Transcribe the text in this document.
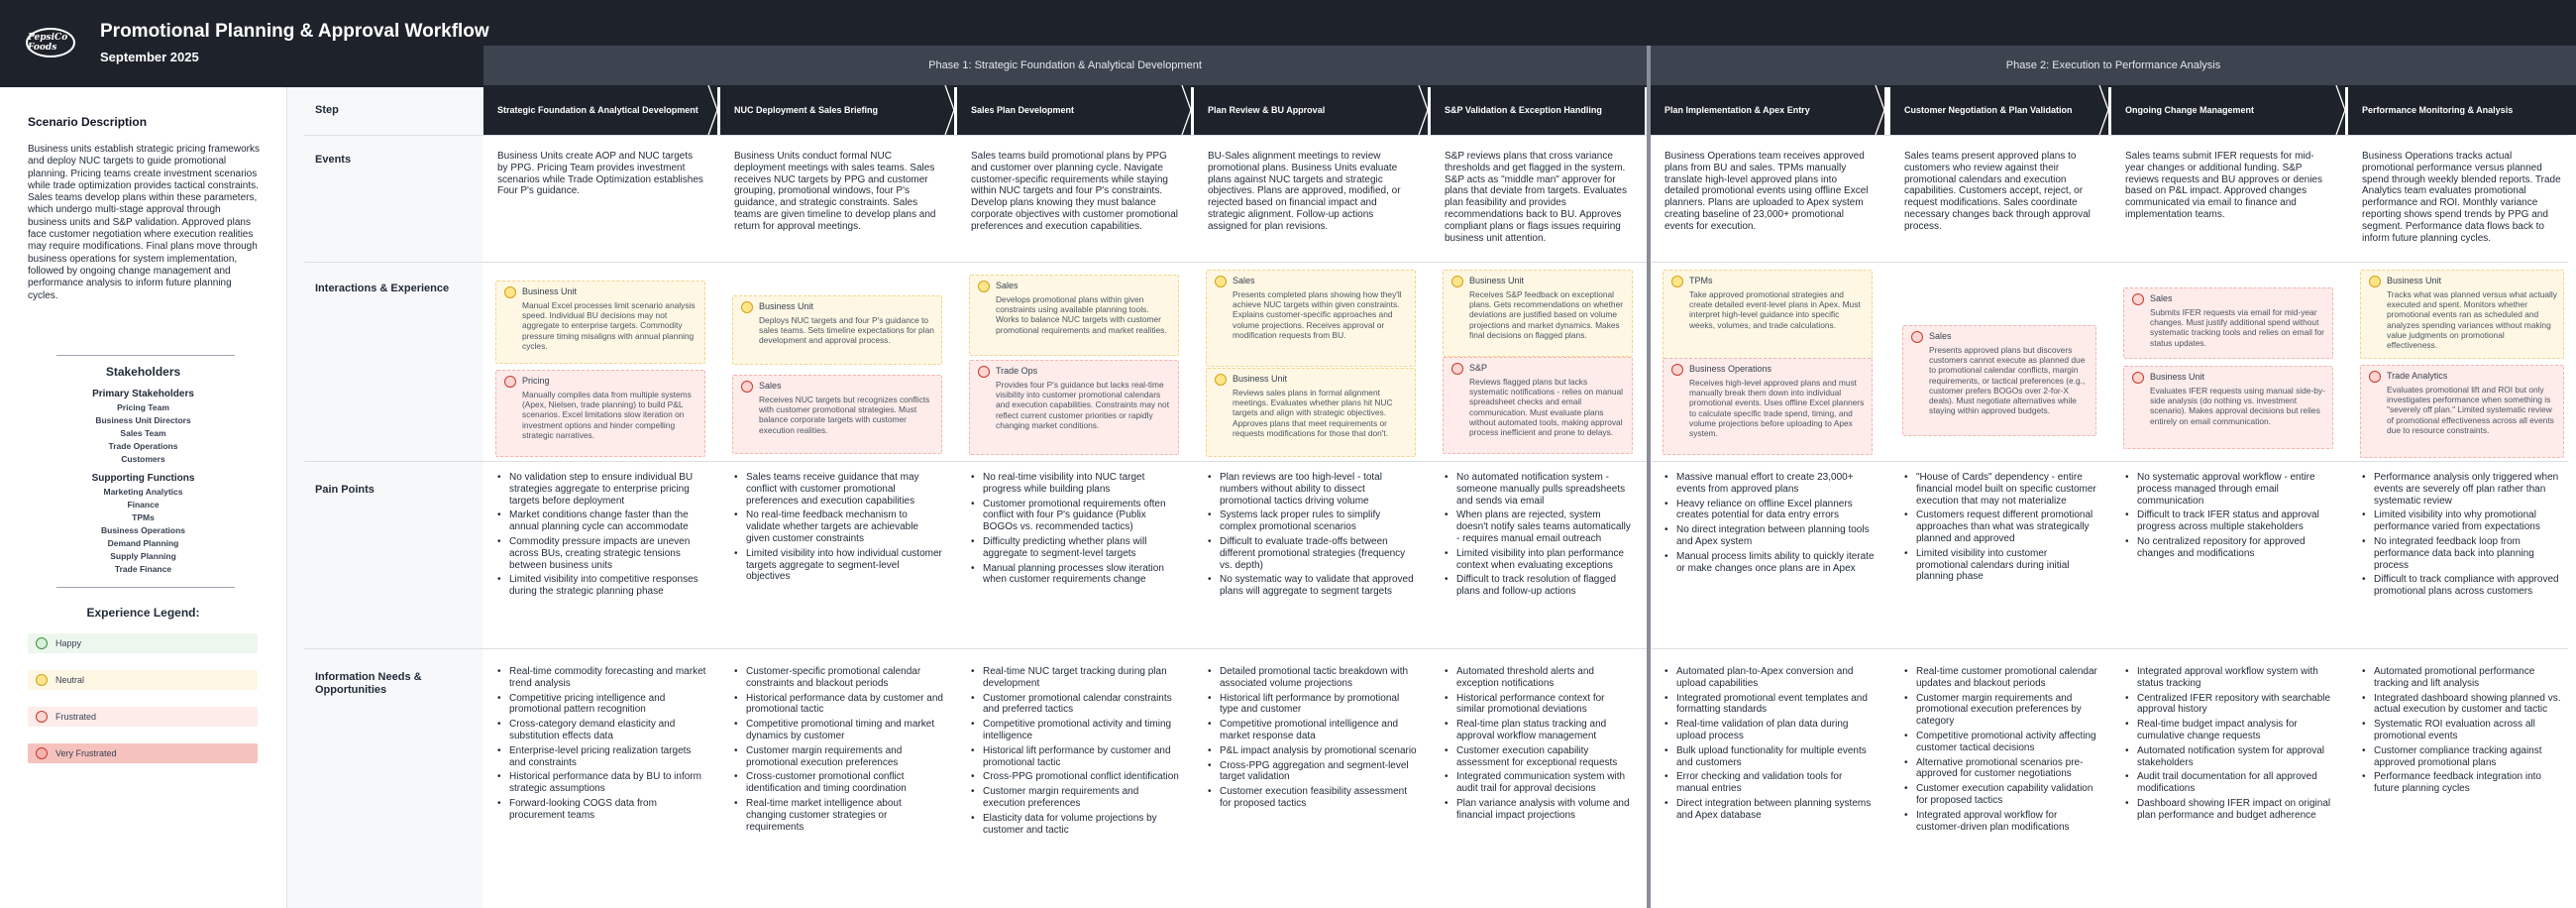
PepsiCo Foods
Promotional Planning & Approval Workflow
September 2025
Phase 1: Strategic Foundation & Analytical Development	Phase 2: Execution to Performance Analysis
Scenario Description
Business units establish strategic pricing frameworks and deploy NUC targets to guide promotional planning. Pricing teams create investment scenarios while trade optimization provides tactical constraints. Sales teams develop plans within these parameters, which undergo multi-stage approval through business units and S&P validation. Approved plans face customer negotiation where execution realities may require modifications. Final plans move through business operations for system implementation, followed by ongoing change management and performance analysis to inform future planning cycles.
Stakeholders
Primary Stakeholders
Pricing Team
Business Unit Directors
Sales Team
Trade Operations
Customers
Supporting Functions
Marketing Analytics
Finance
TPMs
Business Operations
Demand Planning
Supply Planning
Trade Finance
Experience Legend:
Happy
Neutral
Frustrated
Very Frustrated
Step
Events
Interactions & Experience
Pain Points
Information Needs & Opportunities
Strategic Foundation & Analytical Development
Business Units create AOP and NUC targets by PPG. Pricing Team provides investment scenarios while Trade Optimization establishes Four P's guidance.
Business Unit
Manual Excel processes limit scenario analysis speed. Individual BU decisions may not aggregate to enterprise targets. Commodity pressure timing misaligns with annual planning cycles.
Pricing
Manually compiles data from multiple systems (Apex, Nielsen, trade planning) to build P&L scenarios. Excel limitations slow iteration on investment options and hinder compelling strategic narratives.
• No validation step to ensure individual BU strategies aggregate to enterprise pricing targets before deployment
• Market conditions change faster than the annual planning cycle can accommodate
• Commodity pressure impacts are uneven across BUs, creating strategic tensions between business units
• Limited visibility into competitive responses during the strategic planning phase
• Real-time commodity forecasting and market trend analysis
• Competitive pricing intelligence and promotional pattern recognition
• Cross-category demand elasticity and substitution effects data
• Enterprise-level pricing realization targets and constraints
• Historical performance data by BU to inform strategic assumptions
• Forward-looking COGS data from procurement teams
NUC Deployment & Sales Briefing
Business Units conduct formal NUC deployment meetings with sales teams. Sales receives NUC targets by PPG and customer grouping, promotional windows, four P's guidance, and strategic constraints. Sales teams are given timeline to develop plans and return for approval meetings.
Business Unit
Deploys NUC targets and four P's guidance to sales teams. Sets timeline expectations for plan development and approval process.
Sales
Receives NUC targets but recognizes conflicts with customer promotional strategies. Must balance corporate targets with customer execution realities.
• Sales teams receive guidance that may conflict with customer promotional preferences and execution capabilities
• No real-time feedback mechanism to validate whether targets are achievable given customer constraints
• Limited visibility into how individual customer targets aggregate to segment-level objectives
• Customer-specific promotional calendar constraints and blackout periods
• Historical performance data by customer and promotional tactic
• Competitive promotional timing and market dynamics by customer
• Customer margin requirements and promotional execution preferences
• Cross-customer promotional conflict identification and timing coordination
• Real-time market intelligence about changing customer strategies or requirements
Sales Plan Development
Sales teams build promotional plans by PPG and customer over planning cycle. Navigate customer-specific requirements while staying within NUC targets and four P's constraints. Develop plans knowing they must balance corporate objectives with customer promotional preferences and execution capabilities.
Sales
Develops promotional plans within given constraints using available planning tools. Works to balance NUC targets with customer promotional requirements and market realities.
Trade Ops
Provides four P's guidance but lacks real-time visibility into customer promotional calendars and execution capabilities. Constraints may not reflect current customer priorities or rapidly changing market conditions.
• No real-time visibility into NUC target progress while building plans
• Customer promotional requirements often conflict with four P's guidance (Publix BOGOs vs. recommended tactics)
• Difficulty predicting whether plans will aggregate to segment-level targets
• Manual planning processes slow iteration when customer requirements change
• Real-time NUC target tracking during plan development
• Customer promotional calendar constraints and preferred tactics
• Competitive promotional activity and timing intelligence
• Historical lift performance by customer and promotional tactic
• Cross-PPG promotional conflict identification
• Customer margin requirements and execution preferences
• Elasticity data for volume projections by customer and tactic
Plan Review & BU Approval
BU-Sales alignment meetings to review promotional plans. Business Units evaluate plans against NUC targets and strategic objectives. Plans are approved, modified, or rejected based on financial impact and strategic alignment. Follow-up actions assigned for plan revisions.
Sales
Presents completed plans showing how they'll achieve NUC targets within given constraints. Explains customer-specific approaches and volume projections. Receives approval or modification requests from BU.
Business Unit
Reviews sales plans in formal alignment meetings. Evaluates whether plans hit NUC targets and align with strategic objectives. Approves plans that meet requirements or requests modifications for those that don't.
• Plan reviews are too high-level - total numbers without ability to dissect promotional tactics driving volume
• Systems lack proper rules to simplify complex promotional scenarios
• Difficult to evaluate trade-offs between different promotional strategies (frequency vs. depth)
• No systematic way to validate that approved plans will aggregate to segment targets
• Detailed promotional tactic breakdown with associated volume projections
• Historical lift performance by promotional type and customer
• Competitive promotional intelligence and market response data
• P&L impact analysis by promotional scenario
• Cross-PPG aggregation and segment-level target validation
• Customer execution feasibility assessment for proposed tactics
S&P Validation & Exception Handling
S&P reviews plans that cross variance thresholds and get flagged in the system. S&P acts as "middle man" approver for plans that deviate from targets. Evaluates plan feasibility and provides recommendations back to BU. Approves compliant plans or flags issues requiring business unit attention.
Business Unit
Receives S&P feedback on exceptional plans. Gets recommendations on whether deviations are justified based on volume projections and market dynamics. Makes final decisions on flagged plans.
S&P
Reviews flagged plans but lacks systematic notifications - relies on manual spreadsheet checks and email communication. Must evaluate plans without automated tools, making approval process inefficient and prone to delays.
• No automated notification system - someone manually pulls spreadsheets and sends via email
• When plans are rejected, system doesn't notify sales teams automatically - requires manual email outreach
• Limited visibility into plan performance context when evaluating exceptions
• Difficult to track resolution of flagged plans and follow-up actions
• Automated threshold alerts and exception notifications
• Historical performance context for similar promotional deviations
• Real-time plan status tracking and approval workflow management
• Customer execution capability assessment for exceptional requests
• Integrated communication system with audit trail for approval decisions
• Plan variance analysis with volume and financial impact projections
Plan Implementation & Apex Entry
Business Operations team receives approved plans from BU and sales. TPMs manually translate high-level approved plans into detailed promotional events using offline Excel planners. Plans are uploaded to Apex system creating baseline of 23,000+ promotional events for execution.
TPMs
Take approved promotional strategies and create detailed event-level plans in Apex. Must interpret high-level guidance into specific weeks, volumes, and trade calculations.
Business Operations
Receives high-level approved plans and must manually break them down into individual promotional events. Uses offline Excel planners to calculate specific trade spend, timing, and volume projections before uploading to Apex system.
• Massive manual effort to create 23,000+ events from approved plans
• Heavy reliance on offline Excel planners creates potential for data entry errors
• No direct integration between planning tools and Apex system
• Manual process limits ability to quickly iterate or make changes once plans are in Apex
• Automated plan-to-Apex conversion and upload capabilities
• Integrated promotional event templates and formatting standards
• Real-time validation of plan data during upload process
• Bulk upload functionality for multiple events and customers
• Error checking and validation tools for manual entries
• Direct integration between planning systems and Apex database
Customer Negotiation & Plan Validation
Sales teams present approved plans to customers who review against their promotional calendars and execution capabilities. Customers accept, reject, or request modifications. Sales coordinate necessary changes back through approval process.
Sales
Presents approved plans but discovers customers cannot execute as planned due to promotional calendar conflicts, margin requirements, or tactical preferences (e.g., customer prefers BOGOs over 2-for-X deals). Must negotiate alternatives while staying within approved budgets.
• "House of Cards" dependency - entire financial model built on specific customer execution that may not materialize
• Customers request different promotional approaches than what was strategically planned and approved
• Limited visibility into customer promotional calendars during initial planning phase
• Real-time customer promotional calendar updates and blackout periods
• Customer margin requirements and promotional execution preferences by category
• Competitive promotional activity affecting customer tactical decisions
• Alternative promotional scenarios pre-approved for customer negotiations
• Customer execution capability validation for proposed tactics
• Integrated approval workflow for customer-driven plan modifications
Ongoing Change Management
Sales teams submit IFER requests for mid-year changes or additional funding. S&P reviews requests and BU approves or denies based on P&L impact. Approved changes communicated via email to finance and implementation teams.
Sales
Submits IFER requests via email for mid-year changes. Must justify additional spend without systematic tracking tools and relies on email for status updates.
Business Unit
Evaluates IFER requests using manual side-by-side analysis (do nothing vs. investment scenario). Makes approval decisions but relies entirely on email communication.
• No systematic approval workflow - entire process managed through email communication
• Difficult to track IFER status and approval progress across multiple stakeholders
• No centralized repository for approved changes and modifications
• Integrated approval workflow system with status tracking
• Centralized IFER repository with searchable approval history
• Real-time budget impact analysis for cumulative change requests
• Automated notification system for approval stakeholders
• Audit trail documentation for all approved modifications
• Dashboard showing IFER impact on original plan performance and budget adherence
Performance Monitoring & Analysis
Business Operations tracks actual promotional performance versus planned spend through weekly blended reports. Trade Analytics team evaluates promotional performance and ROI. Monthly variance reporting shows spend trends by PPG and segment. Performance data flows back to inform future planning cycles.
Business Unit
Tracks what was planned versus what actually executed and spent. Monitors whether promotional events ran as scheduled and analyzes spending variances without making value judgments on promotional effectiveness.
Trade Analytics
Evaluates promotional lift and ROI but only investigates performance when something is "severely off plan." Limited systematic review of promotional effectiveness across all events due to resource constraints.
• Performance analysis only triggered when events are severely off plan rather than systematic review
• Limited visibility into why promotional performance varied from expectations
• No integrated feedback loop from performance data back into planning process
• Difficult to track compliance with approved promotional plans across customers
• Automated promotional performance tracking and lift analysis
• Integrated dashboard showing planned vs. actual execution by customer and tactic
• Systematic ROI evaluation across all promotional events
• Customer compliance tracking against approved promotional plans
• Performance feedback integration into future planning cycles
